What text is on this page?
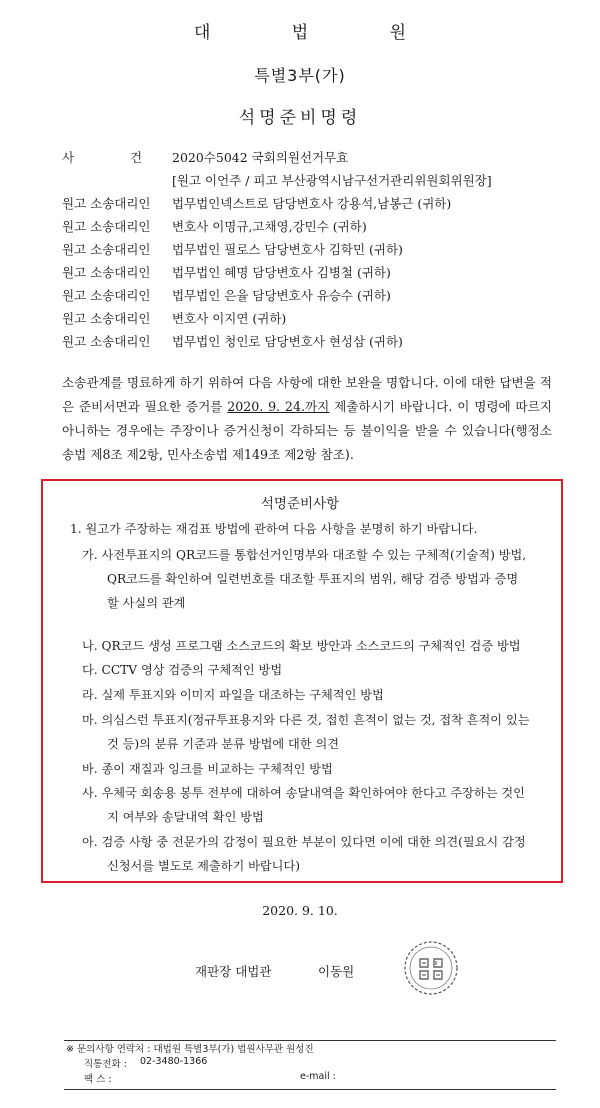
대 법 원
특별3부(가)
석명준비명령
사 건 2020수5042 국회의원선거무효
[원고 이언주 / 피고 부산광역시남구선거관리위원회위원장]
원고 소송대리인 법무법인넥스트로 담당변호사 강용석,남봉근 (귀하)
원고 소송대리인 변호사 이명규,고채영,강민수 (귀하)
원고 소송대리인 법무법인 필로스 담당변호사 김학민 (귀하)
원고 소송대리인 법무법인 혜명 담당변호사 김병철 (귀하)
원고 소송대리인 법무법인 은율 담당변호사 유승수 (귀하)
원고 소송대리인 변호사 이지연 (귀하)
원고 소송대리인 법무법인 청인로 담당변호사 현성삼 (귀하)
소송관계를 명료하게 하기 위하여 다음 사항에 대한 보완을 명합니다. 이에 대한 답변을 적은 준비서면과 필요한 증거를 2020. 9. 24.까지 제출하시기 바랍니다. 이 명령에 따르지 아니하는 경우에는 주장이나 증거신청이 각하되는 등 불이익을 받을 수 있습니다(행정소송법 제8조 제2항, 민사소송법 제149조 제2항 참조).
석명준비사항
1. 원고가 주장하는 재검표 방법에 관하여 다음 사항을 분명히 하기 바랍니다.
가. 사전투표지의 QR코드를 통합선거인명부와 대조할 수 있는 구체적(기술적) 방법,
QR코드를 확인하여 일련번호를 대조할 투표지의 범위, 해당 검증 방법과 증명
할 사실의 관계
나. QR코드 생성 프로그램 소스코드의 확보 방안과 소스코드의 구체적인 검증 방법
다. CCTV 영상 검증의 구체적인 방법
라. 실제 투표지와 이미지 파일을 대조하는 구체적인 방법
마. 의심스런 투표지(정규투표용지와 다른 것, 접힌 흔적이 없는 것, 접착 흔적이 있는
것 등)의 분류 기준과 분류 방법에 대한 의견
바. 종이 재질과 잉크를 비교하는 구체적인 방법
사. 우체국 회송용 봉투 전부에 대하여 송달내역을 확인하여야 한다고 주장하는 것인
지 여부와 송달내역 확인 방법
아. 검증 사항 중 전문가의 감정이 필요한 부분이 있다면 이에 대한 의견(필요시 감정
신청서를 별도로 제출하기 바랍니다)
2020. 9. 10.
재판장 대법관	이동원
※ 문의사항 연락처 : 대법원 특별3부(가) 법원사무관 원성진
직통전화 : 02-3480-1366
팩 스 :	e-mail :
